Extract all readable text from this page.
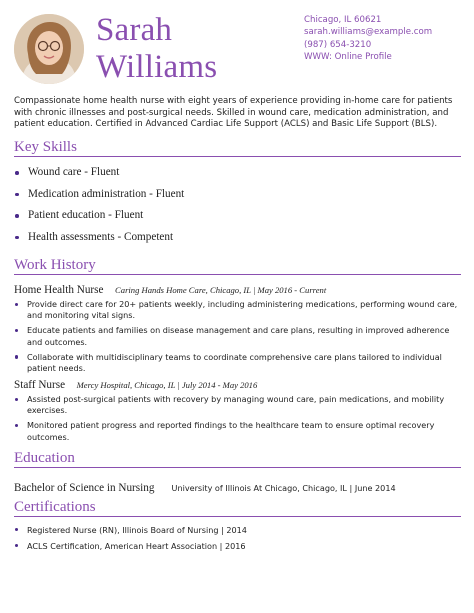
Sarah
Williams
Chicago, IL 60621
sarah.williams@example.com
(987) 654-3210
WWW: Online Profile
Compassionate home health nurse with eight years of experience providing in-home care for patients with chronic illnesses and post-surgical needs. Skilled in wound care, medication administration, and patient education. Certified in Advanced Cardiac Life Support (ACLS) and Basic Life Support (BLS).
Key Skills
Wound care - Fluent
Medication administration - Fluent
Patient education - Fluent
Health assessments - Competent
Work History
Home Health Nurse Caring Hands Home Care, Chicago, IL | May 2016 - Current
Provide direct care for 20+ patients weekly, including administering medications, performing wound care, and monitoring vital signs.
Educate patients and families on disease management and care plans, resulting in improved adherence and outcomes.
Collaborate with multidisciplinary teams to coordinate comprehensive care plans tailored to individual patient needs.
Staff Nurse Mercy Hospital, Chicago, IL | July 2014 - May 2016
Assisted post-surgical patients with recovery by managing wound care, pain medications, and mobility exercises.
Monitored patient progress and reported findings to the healthcare team to ensure optimal recovery outcomes.
Education
Bachelor of Science in Nursing University of Illinois At Chicago, Chicago, IL | June 2014
Certifications
Registered Nurse (RN), Illinois Board of Nursing | 2014
ACLS Certification, American Heart Association | 2016
